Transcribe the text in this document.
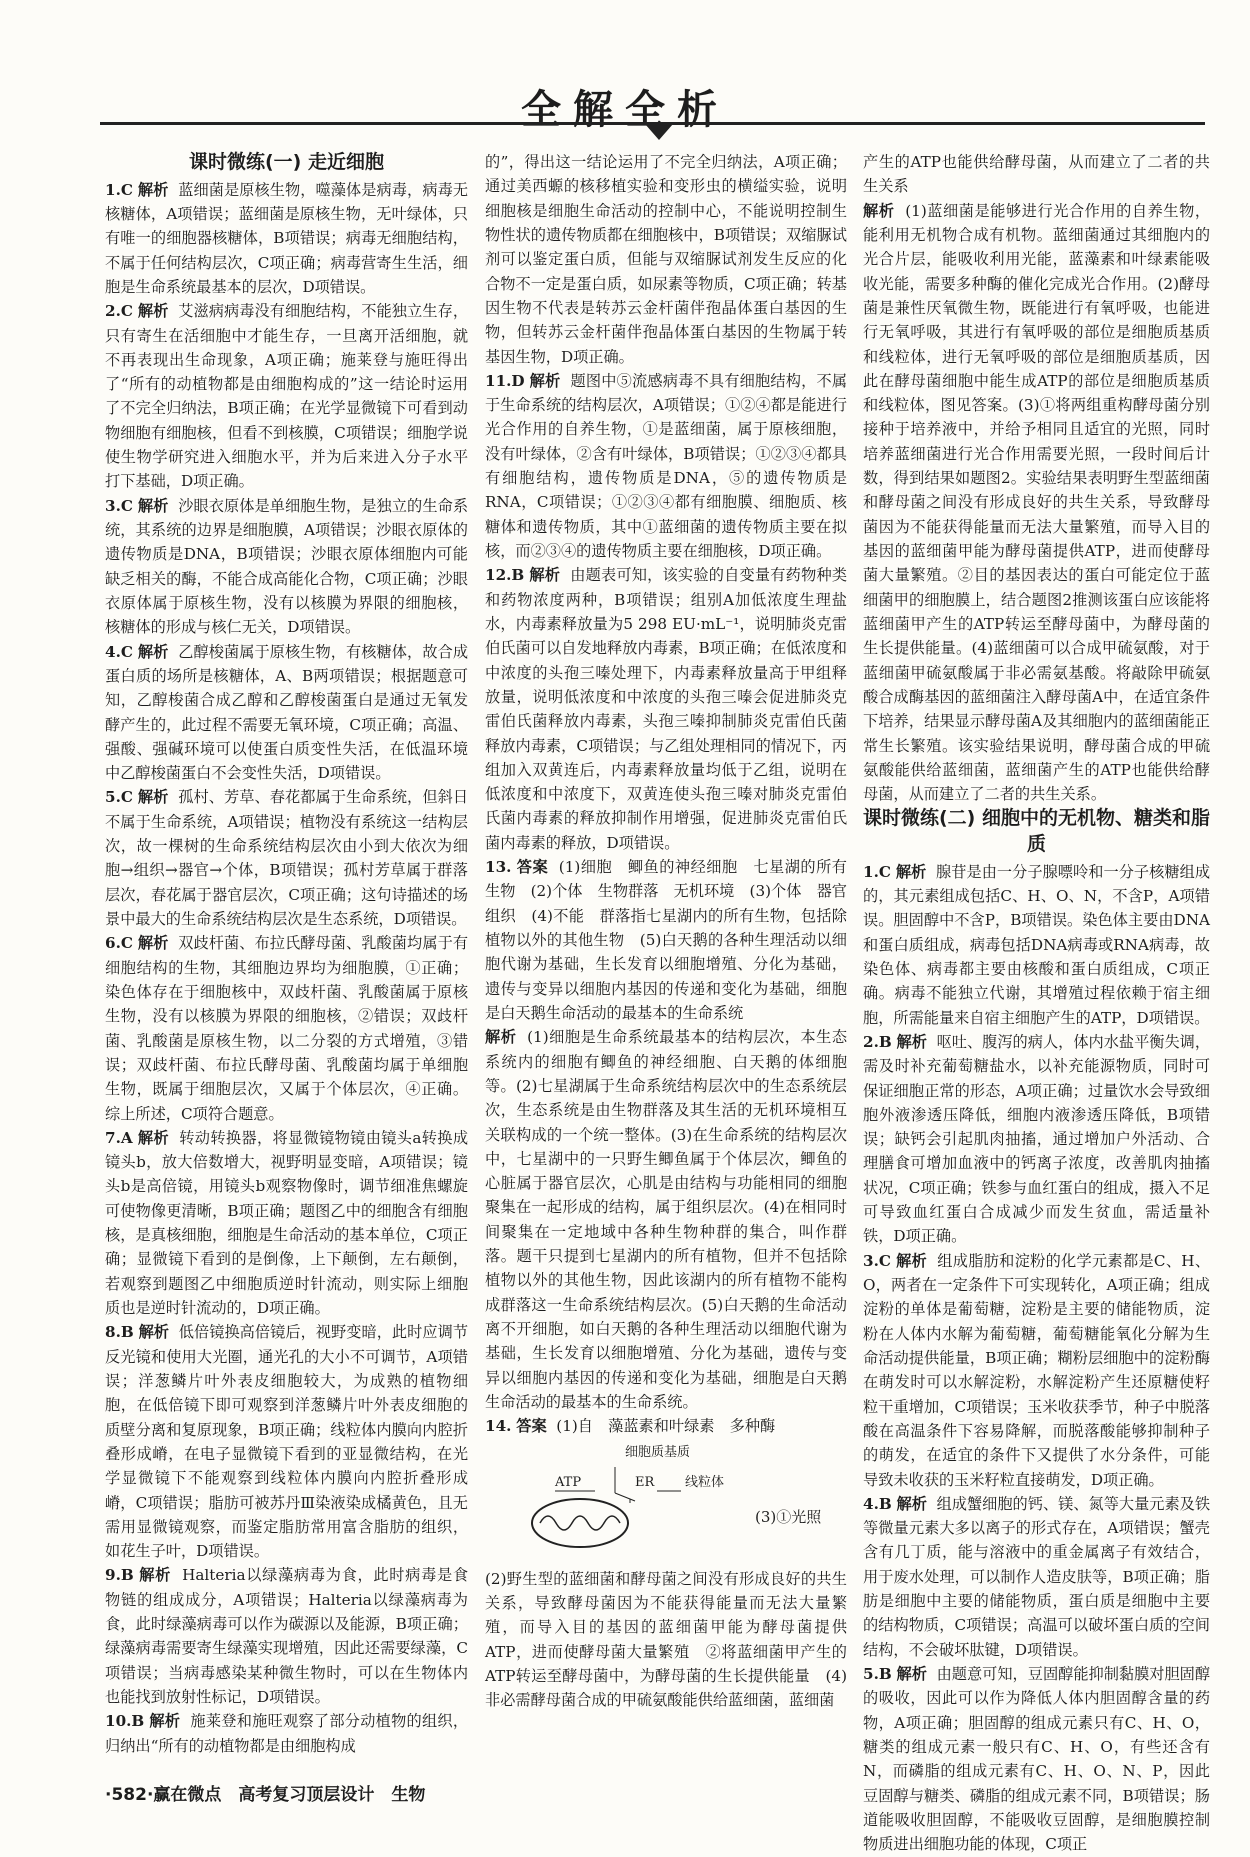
全解全析
课时微练(一) 走近细胞

1.C 解析 蓝细菌是原核生物，噬藻体是病毒，病毒无核糖体，A项错误；蓝细菌是原核生物，无叶绿体，只有唯一的细胞器核糖体，B项错误；病毒无细胞结构，不属于任何结构层次，C项正确；病毒营寄生生活，细胞是生命系统最基本的层次，D项错误。

2.C 解析 艾滋病病毒没有细胞结构，不能独立生存，只有寄生在活细胞中才能生存，一旦离开活细胞，就不再表现出生命现象，A项正确；施莱登与施旺得出了“所有的动植物都是由细胞构成的”这一结论时运用了不完全归纳法，B项正确；在光学显微镜下可看到动物细胞有细胞核，但看不到核膜，C项错误；细胞学说使生物学研究进入细胞水平，并为后来进入分子水平打下基础，D项正确。

3.C 解析 沙眼衣原体是单细胞生物，是独立的生命系统，其系统的边界是细胞膜，A项错误；沙眼衣原体的遗传物质是DNA，B项错误；沙眼衣原体细胞内可能缺乏相关的酶，不能合成高能化合物，C项正确；沙眼衣原体属于原核生物，没有以核膜为界限的细胞核，核糖体的形成与核仁无关，D项错误。

4.C 解析 乙醇梭菌属于原核生物，有核糖体，故合成蛋白质的场所是核糖体，A、B两项错误；根据题意可知，乙醇梭菌合成乙醇和乙醇梭菌蛋白是通过无氧发酵产生的，此过程不需要无氧环境，C项正确；高温、强酸、强碱环境可以使蛋白质变性失活，在低温环境中乙醇梭菌蛋白不会变性失活，D项错误。

5.C 解析 孤村、芳草、春花都属于生命系统，但斜日不属于生命系统，A项错误；植物没有系统这一结构层次，故一棵树的生命系统结构层次由小到大依次为细胞→组织→器官→个体，B项错误；孤村芳草属于群落层次，春花属于器官层次，C项正确；这句诗描述的场景中最大的生命系统结构层次是生态系统，D项错误。

6.C 解析 双歧杆菌、布拉氏酵母菌、乳酸菌均属于有细胞结构的生物，其细胞边界均为细胞膜，①正确；染色体存在于细胞核中，双歧杆菌、乳酸菌属于原核生物，没有以核膜为界限的细胞核，②错误；双歧杆菌、乳酸菌是原核生物，以二分裂的方式增殖，③错误；双歧杆菌、布拉氏酵母菌、乳酸菌均属于单细胞生物，既属于细胞层次，又属于个体层次，④正确。综上所述，C项符合题意。

7.A 解析 转动转换器，将显微镜物镜由镜头a转换成镜头b，放大倍数增大，视野明显变暗，A项错误；镜头b是高倍镜，用镜头b观察物像时，调节细准焦螺旋可使物像更清晰，B项正确；题图乙中的细胞含有细胞核，是真核细胞，细胞是生命活动的基本单位，C项正确；显微镜下看到的是倒像，上下颠倒，左右颠倒，若观察到题图乙中细胞质逆时针流动，则实际上细胞质也是逆时针流动的，D项正确。

8.B 解析 低倍镜换高倍镜后，视野变暗，此时应调节反光镜和使用大光圈，通光孔的大小不可调节，A项错误；洋葱鳞片叶外表皮细胞较大，为成熟的植物细胞，在低倍镜下即可观察到洋葱鳞片叶外表皮细胞的质壁分离和复原现象，B项正确；线粒体内膜向内腔折叠形成嵴，在电子显微镜下看到的亚显微结构，在光学显微镜下不能观察到线粒体内膜向内腔折叠形成嵴，C项错误；脂肪可被苏丹Ⅲ染液染成橘黄色，且无需用显微镜观察，而鉴定脂肪常用富含脂肪的组织，如花生子叶，D项错误。

9.B 解析 Halteria以绿藻病毒为食，此时病毒是食物链的组成成分，A项错误；Halteria以绿藻病毒为食，此时绿藻病毒可以作为碳源以及能源，B项正确；绿藻病毒需要寄生绿藻实现增殖，因此还需要绿藻，C项错误；当病毒感染某种微生物时，可以在生物体内也能找到放射性标记，D项错误。

10.B 解析 施莱登和施旺观察了部分动植物的组织，归纳出“所有的动植物都是由细胞构成

的”，得出这一结论运用了不完全归纳法，A项正确；通过美西螈的核移植实验和变形虫的横缢实验，说明细胞核是细胞生命活动的控制中心，不能说明控制生物性状的遗传物质都在细胞核中，B项错误；双缩脲试剂可以鉴定蛋白质，但能与双缩脲试剂发生反应的化合物不一定是蛋白质，如尿素等物质，C项正确；转基因生物不代表是转苏云金杆菌伴孢晶体蛋白基因的生物，但转苏云金杆菌伴孢晶体蛋白基因的生物属于转基因生物，D项正确。

11.D 解析 题图中⑤流感病毒不具有细胞结构，不属于生命系统的结构层次，A项错误；①②④都是能进行光合作用的自养生物，①是蓝细菌，属于原核细胞，没有叶绿体，②含有叶绿体，B项错误；①②③④都具有细胞结构，遗传物质是DNA，⑤的遗传物质是RNA，C项错误；①②③④都有细胞膜、细胞质、核糖体和遗传物质，其中①蓝细菌的遗传物质主要在拟核，而②③④的遗传物质主要在细胞核，D项正确。

12.B 解析 由题表可知，该实验的自变量有药物种类和药物浓度两种，B项错误；组别A加低浓度生理盐水，内毒素释放量为5 298 EU·mL⁻¹，说明肺炎克雷伯氏菌可以自发地释放内毒素，B项正确；在低浓度和中浓度的头孢三嗪处理下，内毒素释放量高于甲组释放量，说明低浓度和中浓度的头孢三嗪会促进肺炎克雷伯氏菌释放内毒素，头孢三嗪抑制肺炎克雷伯氏菌释放内毒素，C项错误；与乙组处理相同的情况下，丙组加入双黄连后，内毒素释放量均低于乙组，说明在低浓度和中浓度下，双黄连使头孢三嗪对肺炎克雷伯氏菌内毒素的释放抑制作用增强，促进肺炎克雷伯氏菌内毒素的释放，D项错误。

13. 答案 (1)细胞　鲫鱼的神经细胞　七星湖的所有生物　(2)个体　生物群落　无机环境　(3)个体　器官　组织　(4)不能　群落指七星湖内的所有生物，包括除植物以外的其他生物　(5)白天鹅的各种生理活动以细胞代谢为基础，生长发育以细胞增殖、分化为基础，遗传与变异以细胞内基因的传递和变化为基础，细胞是白天鹅生命活动的最基本的生命系统

解析 (1)细胞是生命系统最基本的结构层次，本生态系统内的细胞有鲫鱼的神经细胞、白天鹅的体细胞等。(2)七星湖属于生命系统结构层次中的生态系统层次，生态系统是由生物群落及其生活的无机环境相互关联构成的一个统一整体。(3)在生命系统的结构层次中，七星湖中的一只野生鲫鱼属于个体层次，鲫鱼的心脏属于器官层次，心肌是由结构与功能相同的细胞聚集在一起形成的结构，属于组织层次。(4)在相同时间聚集在一定地域中各种生物种群的集合，叫作群落。题干只提到七星湖内的所有植物，但并不包括除植物以外的其他生物，因此该湖内的所有植物不能构成群落这一生命系统结构层次。(5)白天鹅的生命活动离不开细胞，如白天鹅的各种生理活动以细胞代谢为基础，生长发育以细胞增殖、分化为基础，遗传与变异以细胞内基因的传递和变化为基础，细胞是白天鹅生命活动的最基本的生命系统。

14. 答案 (1)自　藻蓝素和叶绿素　多种酶

细胞质基质
ATP	ER 线粒体
(3)①光照

(2)野生型的蓝细菌和酵母菌之间没有形成良好的共生关系，导致酵母菌因为不能获得能量而无法大量繁殖，而导入目的基因的蓝细菌甲能为酵母菌提供ATP，进而使酵母菌大量繁殖　②将蓝细菌甲产生的ATP转运至酵母菌中，为酵母菌的生长提供能量　(4)非必需酵母菌合成的甲硫氨酸能供给蓝细菌，蓝细菌

产生的ATP也能供给酵母菌，从而建立了二者的共生关系

解析 (1)蓝细菌是能够进行光合作用的自养生物，能利用无机物合成有机物。蓝细菌通过其细胞内的光合片层，能吸收利用光能，蓝藻素和叶绿素能吸收光能，需要多种酶的催化完成光合作用。(2)酵母菌是兼性厌氧微生物，既能进行有氧呼吸，也能进行无氧呼吸，其进行有氧呼吸的部位是细胞质基质和线粒体，进行无氧呼吸的部位是细胞质基质，因此在酵母菌细胞中能生成ATP的部位是细胞质基质和线粒体，图见答案。(3)①将两组重构酵母菌分别接种于培养液中，并给予相同且适宜的光照，同时培养蓝细菌进行光合作用需要光照，一段时间后计数，得到结果如题图2。实验结果表明野生型蓝细菌和酵母菌之间没有形成良好的共生关系，导致酵母菌因为不能获得能量而无法大量繁殖，而导入目的基因的蓝细菌甲能为酵母菌提供ATP，进而使酵母菌大量繁殖。②目的基因表达的蛋白可能定位于蓝细菌甲的细胞膜上，结合题图2推测该蛋白应该能将蓝细菌甲产生的ATP转运至酵母菌中，为酵母菌的生长提供能量。(4)蓝细菌可以合成甲硫氨酸，对于蓝细菌甲硫氨酸属于非必需氨基酸。将敲除甲硫氨酸合成酶基因的蓝细菌注入酵母菌A中，在适宜条件下培养，结果显示酵母菌A及其细胞内的蓝细菌能正常生长繁殖。该实验结果说明，酵母菌合成的甲硫氨酸能供给蓝细菌，蓝细菌产生的ATP也能供给酵母菌，从而建立了二者的共生关系。

课时微练(二) 细胞中的无机物、糖类和脂质

1.C 解析 腺苷是由一分子腺嘌呤和一分子核糖组成的，其元素组成包括C、H、O、N，不含P，A项错误。胆固醇中不含P，B项错误。染色体主要由DNA和蛋白质组成，病毒包括DNA病毒或RNA病毒，故染色体、病毒都主要由核酸和蛋白质组成，C项正确。病毒不能独立代谢，其增殖过程依赖于宿主细胞，所需能量来自宿主细胞产生的ATP，D项错误。

2.B 解析 呕吐、腹泻的病人，体内水盐平衡失调，需及时补充葡萄糖盐水，以补充能源物质，同时可保证细胞正常的形态，A项正确；过量饮水会导致细胞外液渗透压降低，细胞内液渗透压降低，B项错误；缺钙会引起肌肉抽搐，通过增加户外活动、合理膳食可增加血液中的钙离子浓度，改善肌肉抽搐状况，C项正确；铁参与血红蛋白的组成，摄入不足可导致血红蛋白合成减少而发生贫血，需适量补铁，D项正确。

3.C 解析 组成脂肪和淀粉的化学元素都是C、H、O，两者在一定条件下可实现转化，A项正确；组成淀粉的单体是葡萄糖，淀粉是主要的储能物质，淀粉在人体内水解为葡萄糖，葡萄糖能氧化分解为生命活动提供能量，B项正确；糊粉层细胞中的淀粉酶在萌发时可以水解淀粉，水解淀粉产生还原糖使籽粒干重增加，C项错误；玉米收获季节，种子中脱落酸在高温条件下容易降解，而脱落酸能够抑制种子的萌发，在适宜的条件下又提供了水分条件，可能导致未收获的玉米籽粒直接萌发，D项正确。

4.B 解析 组成蟹细胞的钙、镁、氮等大量元素及铁等微量元素大多以离子的形式存在，A项错误；蟹壳含有几丁质，能与溶液中的重金属离子有效结合，用于废水处理，可以制作人造皮肤等，B项正确；脂肪是细胞中主要的储能物质，蛋白质是细胞中主要的结构物质，C项错误；高温可以破坏蛋白质的空间结构，不会破坏肽键，D项错误。

5.B 解析 由题意可知，豆固醇能抑制黏膜对胆固醇的吸收，因此可以作为降低人体内胆固醇含量的药物，A项正确；胆固醇的组成元素只有C、H、O，糖类的组成元素一般只有C、H、O，有些还含有N，而磷脂的组成元素有C、H、O、N、P，因此豆固醇与糖类、磷脂的组成元素不同，B项错误；肠道能吸收胆固醇，不能吸收豆固醇，是细胞膜控制物质进出细胞功能的体现，C项正

·582·赢在微点　高考复习顶层设计　生物
